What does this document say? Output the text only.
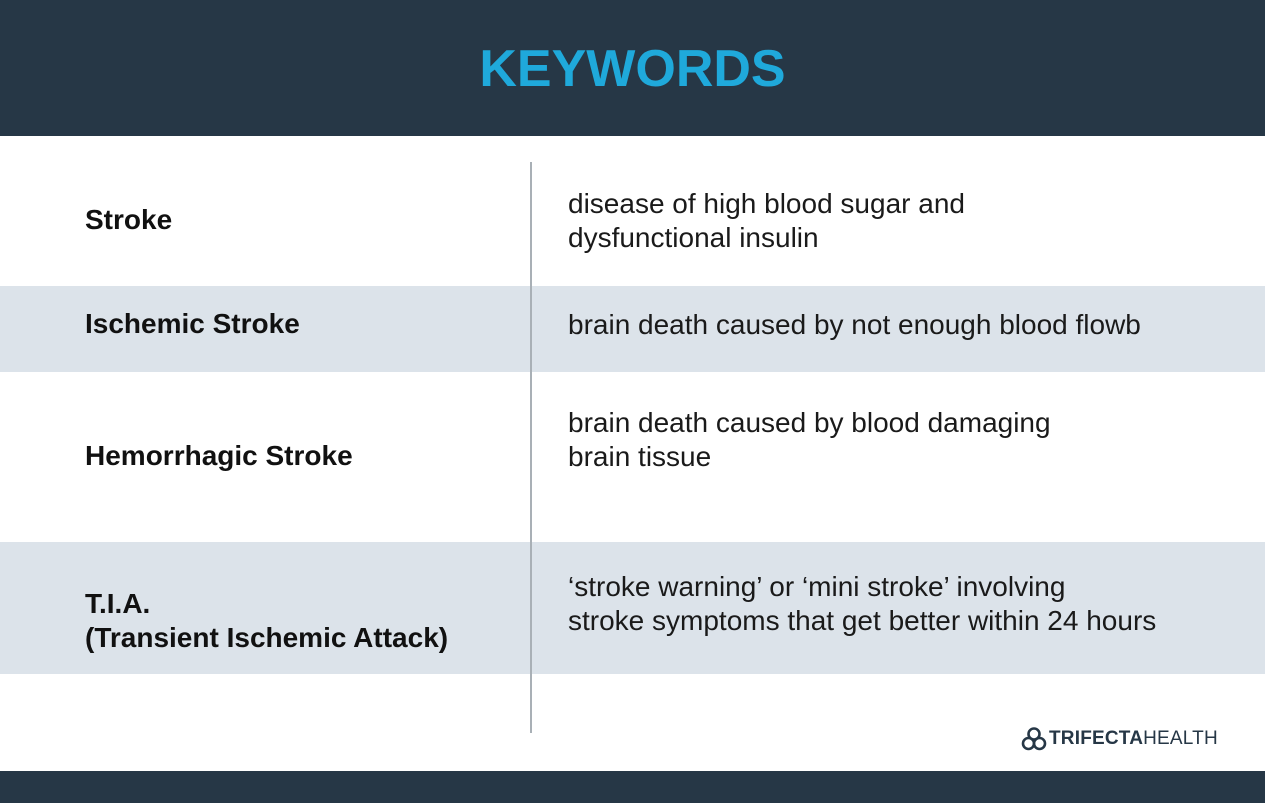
KEYWORDS
Stroke
disease of high blood sugar and
dysfunctional insulin
Ischemic Stroke	brain death caused by not enough blood flowb
Hemorrhagic Stroke
brain death caused by blood damaging
brain tissue
T.I.A.
(Transient Ischemic Attack)
‘stroke warning’ or ‘mini stroke’ involving
stroke symptoms that get better within 24 hours
TRIFECTA HEALTH
